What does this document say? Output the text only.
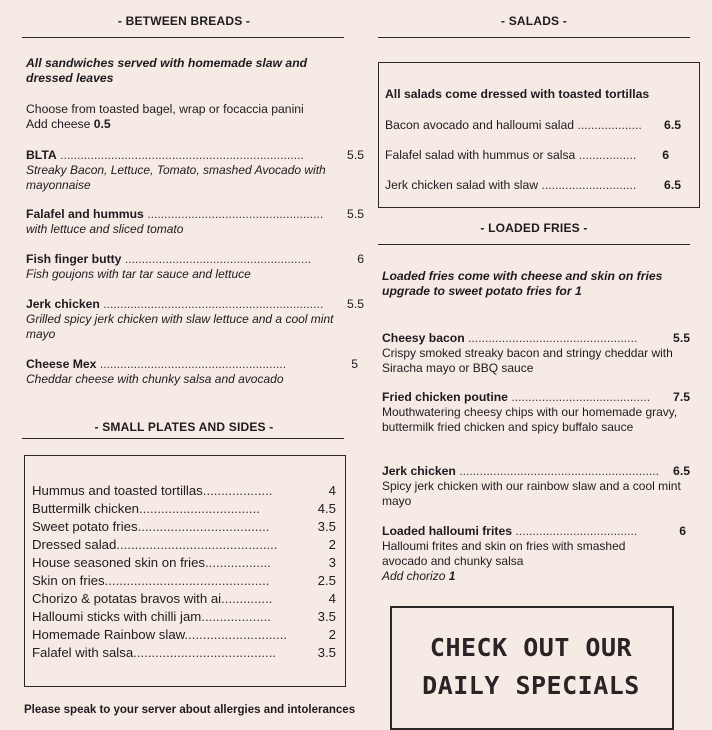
- BETWEEN BREADS -
All sandwiches served with homemade slaw and dressed leaves
Choose from toasted bagel, wrap or focaccia panini
Add cheese 0.5
BLTA ........................................................................	5.5
Streaky Bacon, Lettuce, Tomato, smashed Avocado with mayonnaise
Falafel and hummus .................................................... 5.5
with lettuce and sliced tomato
Fish finger butty .......................................................	6
Fish goujons with tar tar sauce and lettuce
Jerk chicken ................................................................. 5.5
Grilled spicy jerk chicken with slaw lettuce and a cool mint mayo
Cheese Mex .......................................................	5
Cheddar cheese with chunky salsa and avocado
- SMALL PLATES AND SIDES -
Hummus and toasted tortillas...................	4
Buttermilk chicken.................................	4.5
Sweet potato fries....................................	3.5
Dressed salad............................................	2
House seasoned skin on fries..................	3
Skin on fries.............................................	2.5
Chorizo & potatas bravos with ai..............	4
Halloumi sticks with chilli jam...................	3.5
Homemade Rainbow slaw............................	2
Falafel with salsa.......................................	3.5
Please speak to your server about allergies and intolerances
- SALADS -
All salads come dressed with toasted tortillas
Bacon avocado and halloumi salad ................... 6.5
Falafel salad with hummus or salsa ................. 6
Jerk chicken salad with slaw ............................ 6.5
- LOADED FRIES -
Loaded fries come with cheese and skin on fries upgrade to sweet potato fries for 1
Cheesy bacon ..................................................	5.5
Crispy smoked streaky bacon and stringy cheddar with Siracha mayo or BBQ sauce
Fried chicken poutine ......................................... 7.5
Mouthwatering cheesy chips with our homemade gravy, buttermilk fried chicken and spicy buffalo sauce
Jerk chicken ........................................................... 6.5
Spicy jerk chicken with our rainbow slaw and a cool mint mayo
Loaded halloumi frites ....................................	6
Halloumi frites and skin on fries with smashed avocado and chunky salsa
Add chorizo 1
CHECK OUT OUR
DAILY SPECIALS
